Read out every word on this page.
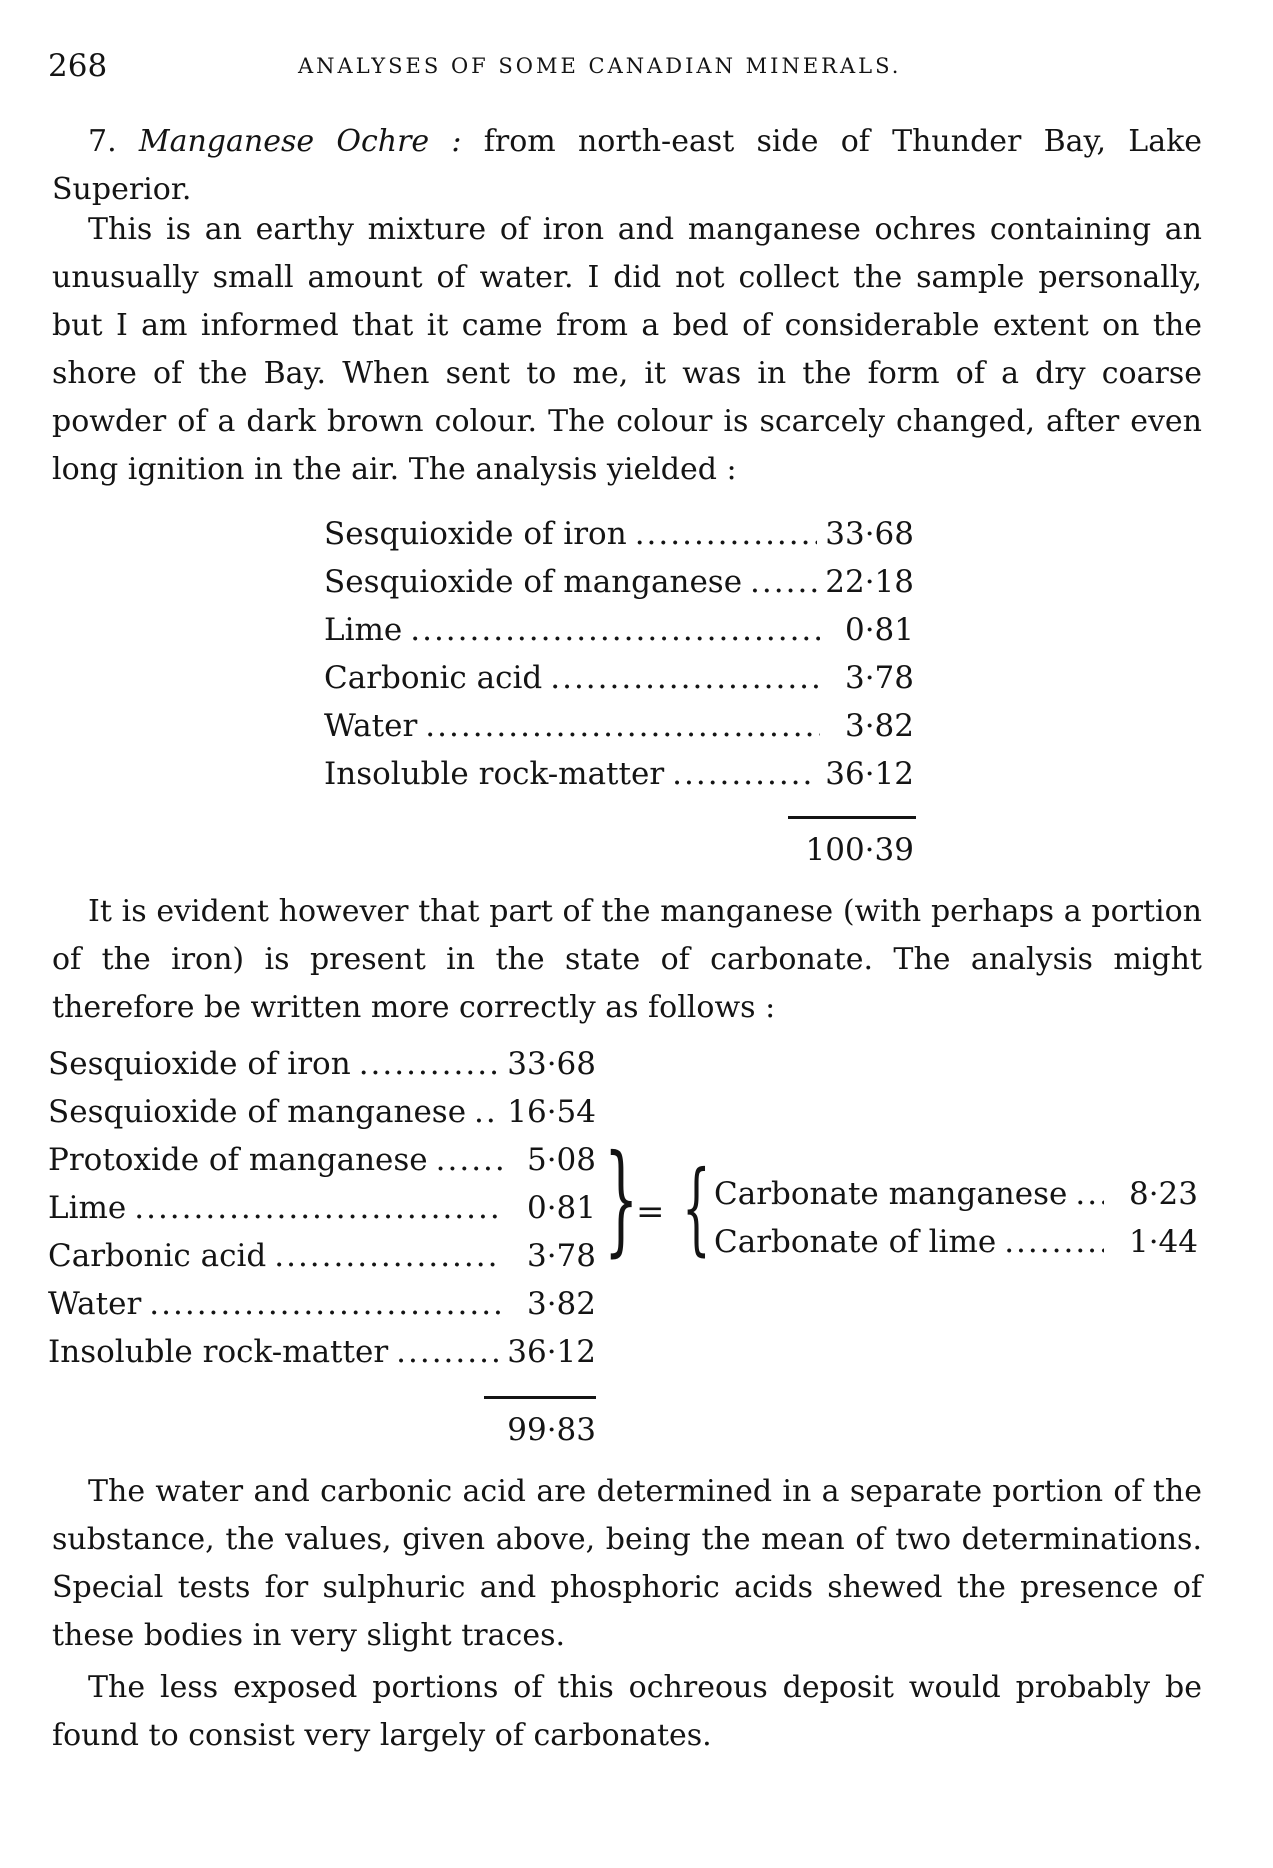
268	ANALYSES OF SOME CANADIAN MINERALS.

7. Manganese Ochre : from north-east side of Thunder Bay, Lake Superior.

This is an earthy mixture of iron and manganese ochres containing an unusually small amount of water. I did not collect the sample personally, but I am informed that it came from a bed of considerable extent on the shore of the Bay. When sent to me, it was in the form of a dry coarse powder of a dark brown colour. The colour is scarcely changed, after even long ignition in the air. The analysis yielded :

Sesquioxide of iron .....	33·68
Sesquioxide of manganese .....	22·18
Lime .....	0·81
Carbonic acid .....	3·78
Water .....	3·82
Insoluble rock-matter .....	36·12
100·39

It is evident however that part of the manganese (with perhaps a portion of the iron) is present in the state of carbonate. The analysis might therefore be written more correctly as follows :

Sesquioxide of iron .....	33·68
Sesquioxide of manganese ..... 16·54
Protoxide of manganese .....	5·08
Lime .....	0·81
Carbonic acid .....	3·78
Water .....	3·82
Insoluble rock-matter .....	36·12
}
= { Carbonate manganese .....	8·23
Carbonate of lime .....	1·44
99·83

The water and carbonic acid are determined in a separate portion of the substance, the values, given above, being the mean of two determinations. Special tests for sulphuric and phosphoric acids shewed the presence of these bodies in very slight traces.

The less exposed portions of this ochreous deposit would probably be found to consist very largely of carbonates.
